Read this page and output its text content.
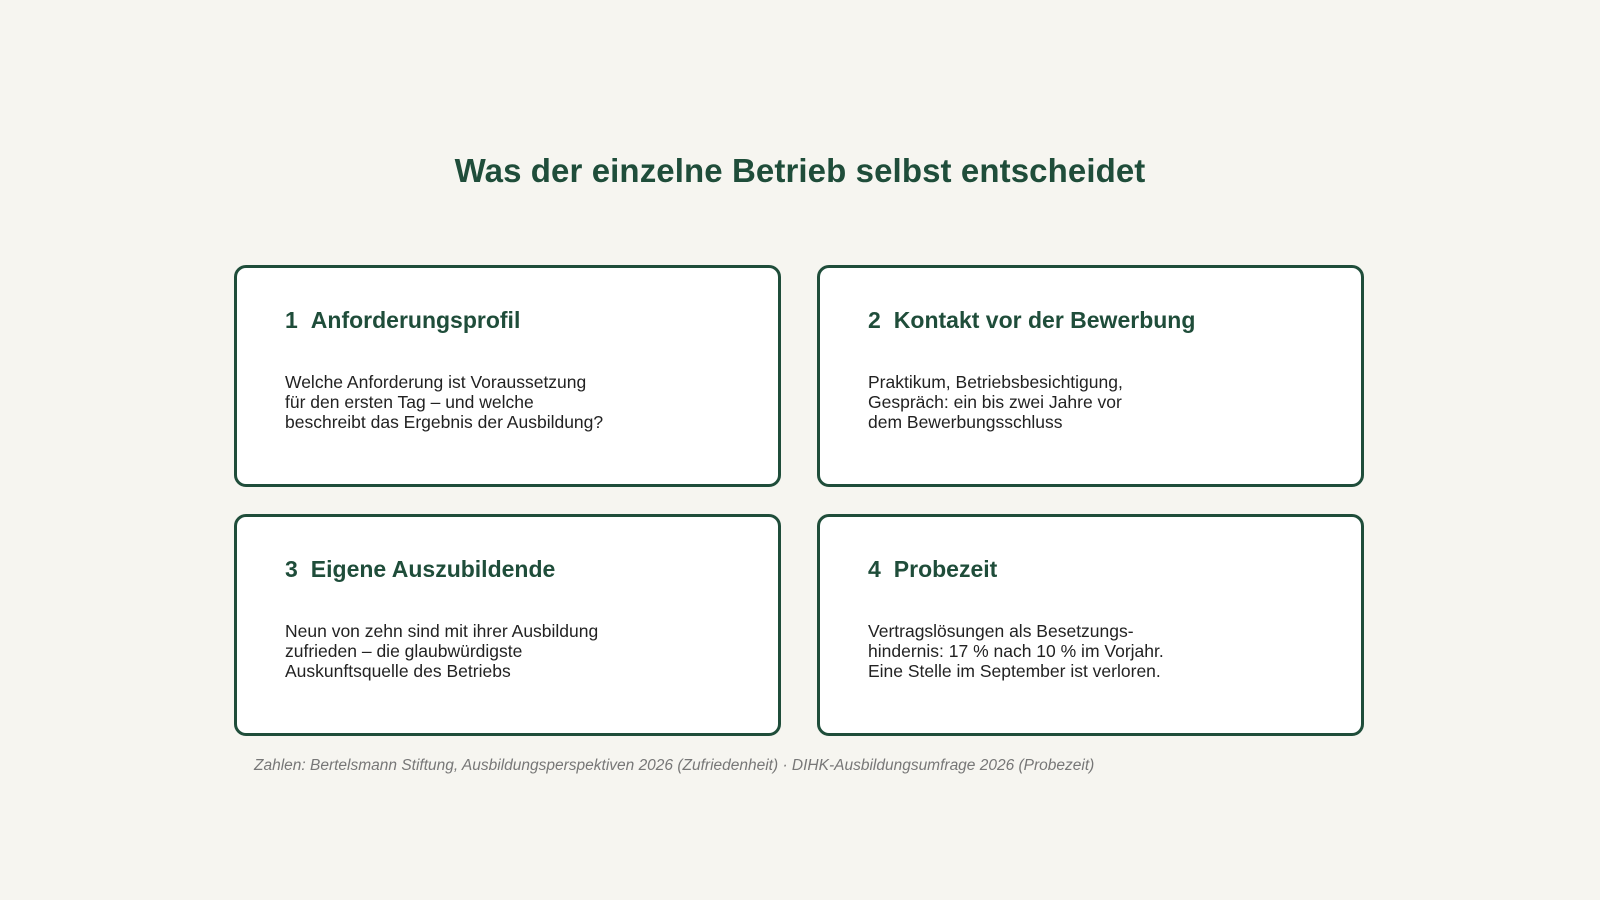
Was der einzelne Betrieb selbst entscheidet
1 Anforderungsprofil

Welche Anforderung ist Voraussetzung
für den ersten Tag – und welche
beschreibt das Ergebnis der Ausbildung?

2 Kontakt vor der Bewerbung

Praktikum, Betriebsbesichtigung,
Gespräch: ein bis zwei Jahre vor
dem Bewerbungsschluss

3 Eigene Auszubildende

Neun von zehn sind mit ihrer Ausbildung
zufrieden – die glaubwürdigste
Auskunftsquelle des Betriebs

4 Probezeit

Vertragslösungen als Besetzungs-
hindernis: 17 % nach 10 % im Vorjahr.
Eine Stelle im September ist verloren.

Zahlen: Bertelsmann Stiftung, Ausbildungsperspektiven 2026 (Zufriedenheit) · DIHK-Ausbildungsumfrage 2026 (Probezeit)
